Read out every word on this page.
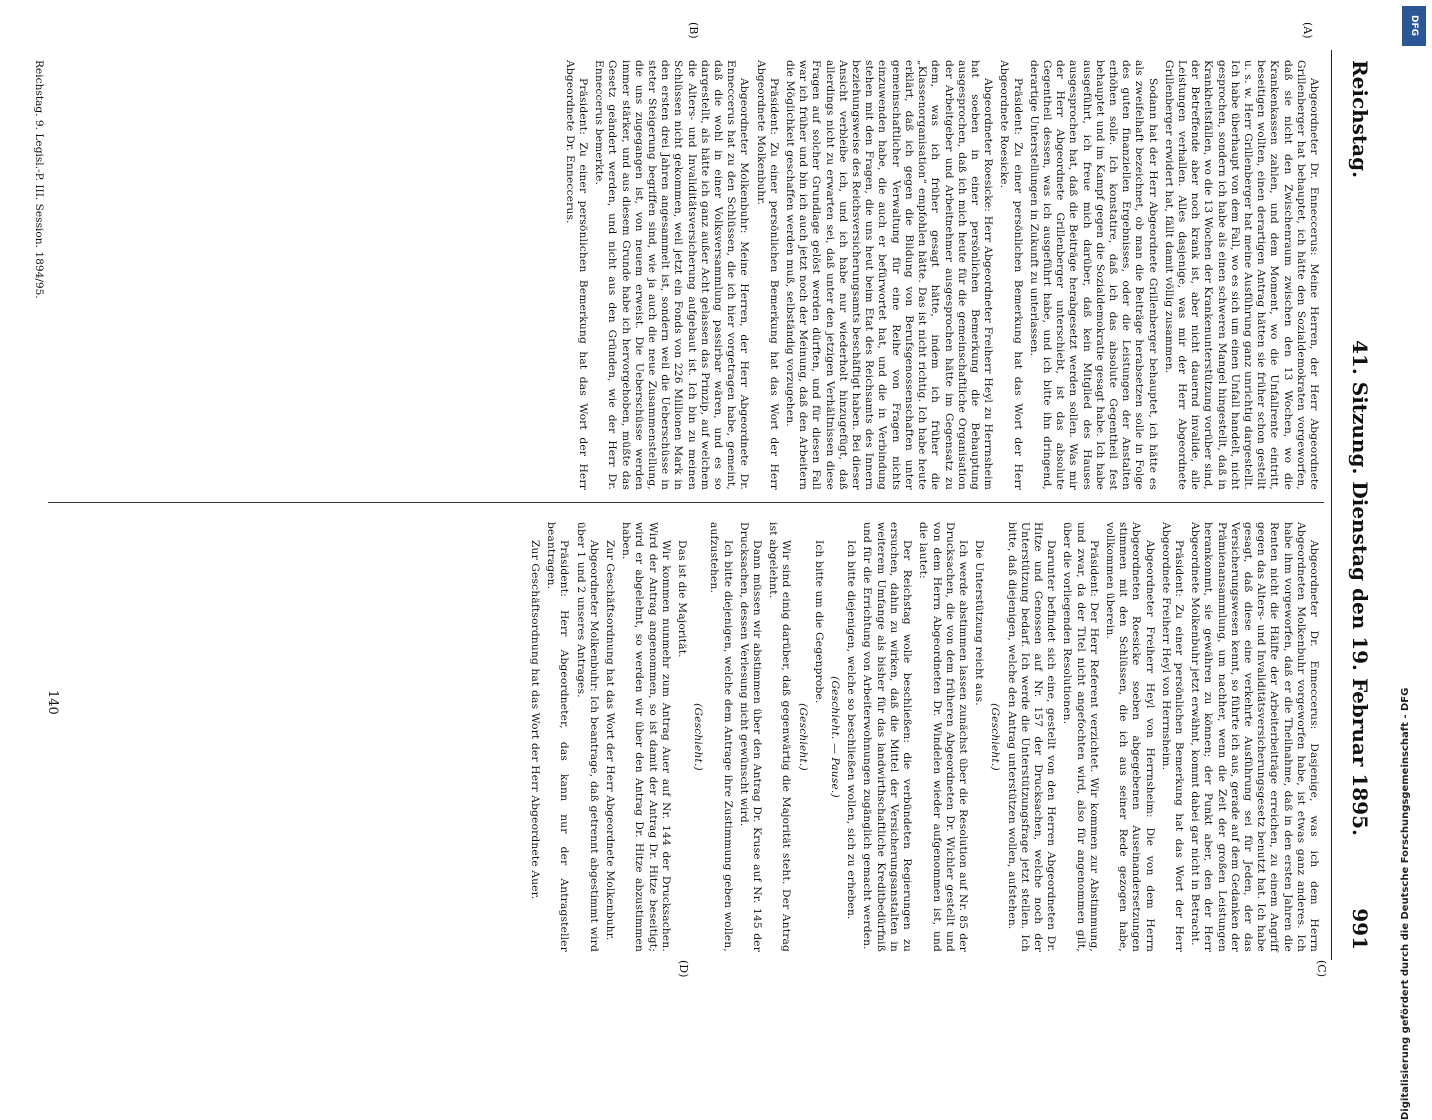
Reichstag.
41. Sitzung. Dienstag den 19. Februar 1895.
991
(A)
(B)
(C)
(D)

Abgeordneter Dr. Enneccerus: Meine Herren, der Herr Abgeordnete Grillenberger hat behauptet, ich hätte den Sozialdemokraten vorgeworfen, daß sie nicht den Zwischenraum zwischen den 13 Wochen, wo die Krankenkassen zahlen, und dem Moment, wo die Unfallrente eintritt, beseitigen wollten, einen derartigen Antrag hätten sie früher schon gestellt u. s. w. Herr Grillenberger hat meine Ausführung ganz unrichtig dargestellt. Ich habe überhaupt von dem Fall, wo es sich um einen Unfall handelt, nicht gesprochen, sondern ich habe als einen schweren Mangel hingestellt, daß in Krankheitsfällen, wo die 13 Wochen der Krankenunterstützung vorüber sind, der Betreffende aber noch krank ist, aber nicht dauernd invalide, alle Leistungen verhallen. Alles dasjenige, was mir der Herr Abgeordnete Grillenberger erwidert hat, fällt damit völlig zusammen.

Sodann hat der Herr Abgeordnete Grillenberger behauptet, ich hätte es als zweifelhaft bezeichnet, ob man die Beiträge herabsetzen solle in Folge des guten finanziellen Ergebnisses, oder die Leistungen der Anstalten erhöhen solle. Ich konstatire, daß ich das absolute Gegentheil fest behauptet und im Kampf gegen die Sozialdemokratie gesagt habe. Ich habe ausgeführt, ich freue mich darüber, daß kein Mitglied des Hauses ausgesprochen hat, daß die Beiträge herabgesetzt werden sollen. Was mir der Herr Abgeordnete Grillenberger unterschiebt, ist das absolute Gegentheil dessen, was ich ausgeführt habe, und ich bitte ihn dringend, derartige Unterstellungen in Zukunft zu unterlassen.

Präsident: Zu einer persönlichen Bemerkung hat das Wort der Herr Abgeordnete Roesicke.

Abgeordneter Roesicke: Herr Abgeordneter Freiherr Heyl zu Herrnsheim hat soeben in einer persönlichen Bemerkung die Behauptung ausgesprochen, daß ich mich heute für die gemeinschaftliche Organisation der Arbeitgeber und Arbeitnehmer ausgesprochen hätte im Gegensatz zu dem, was ich früher gesagt hätte, indem ich früher die „Klassenorganisation“ empfohlen hätte. Das ist nicht richtig. Ich habe heute erklärt, daß ich gegen die Bildung von Berufsgenossenschaften unter gemeinschaftlicher Verwaltung für eine Reihe von Fragen nichts einzuwenden habe, die auch er befürwortet hat, und die in Verbindung stehen mit den Fragen, die uns heut beim Etat des Reichsamts des Innern beziehungsweise des Reichsversicherungsamts beschäftigt haben. Bei dieser Ansicht verbleibe ich, und ich habe nur wiederholt hinzugefügt, daß allerdings nicht zu erwarten sei, daß unter den jetzigen Verhältnissen diese Fragen auf solcher Grundlage gelöst werden dürften, und für diesen Fall war ich früher und bin ich auch jetzt noch der Meinung, daß den Arbeitern die Möglichkeit geschaffen werden muß, selbständig vorzugehen.

Präsident: Zu einer persönlichen Bemerkung hat das Wort der Herr Abgeordnete Molkenbuhr.

Abgeordneter Molkenbuhr: Meine Herren, der Herr Abgeordnete Dr. Enneccerus hat zu den Schlüssen, die ich hier vorgetragen habe, gemeint, daß die wohl in einer Volksversammlung passirbar wären, und es so dargestellt, als hätte ich ganz außer Acht gelassen das Prinzip, auf welchem die Alters- und Invaliditätsversicherung aufgebaut ist. Ich bin zu meinen Schlüssen nicht gekommen, weil jetzt ein Fonds von 226 Millionen Mark in den ersten drei Jahren angesammelt ist, sondern weil die Ueberschüsse in steter Steigerung begriffen sind, wie ja auch die neue Zusammenstellung, die uns zugegangen ist, von neuem erweist. Die Ueberschüsse werden immer stärker, und aus diesem Grunde habe ich hervorgehoben, müßte das Gesetz geändert werden, und nicht aus den Gründen, wie der Herr Dr. Enneccerus bemerkte.

Präsident: Zu einer persönlichen Bemerkung hat das Wort der Herr Abgeordnete Dr. Enneccerus.

Abgeordneter Dr. Enneccerus: Dasjenige, was ich dem Herrn Abgeordneten Molkenbuhr vorgeworfen habe, ist etwas ganz anderes. Ich habe ihm vorgeworfen, daß er die Theilnahme, daß in den ersten Jahren die Renten nicht die Hälfte der Arbeiterbeiträge erreichen, zu einem Angriff gegen das Alters- und Invaliditätsversicherungsgesetz benutzt hat. Ich habe gesagt, daß diese eine verkehrte Ausführung sei für Jeden, der das Versicherungswesen kennt, so führte ich aus, gerade auf dem Gedanken der Prämienansammlung, um nachher, wenn die Zeit der großen Leistungen herankommt, sie gewähren zu können; der Punkt aber, den der Herr Abgeordnete Molkenbuhr jetzt erwähnt, kommt dabei gar nicht in Betracht.

Präsident: Zu einer persönlichen Bemerkung hat das Wort der Herr Abgeordnete Freiherr Heyl von Herrnsheim.

Abgeordneter Freiherr Heyl von Herrnsheim: Die von dem Herrn Abgeordneten Roesicke soeben abgegebenen Auseinandersetzungen stimmen mit den Schlüssen, die ich aus seiner Rede gezogen habe, vollkommen überein.

Präsident: Der Herr Referent verzichtet. Wir kommen zur Abstimmung, und zwar, da der Titel nicht angefochten wird, also für angenommen gilt, über die vorliegenden Resolutionen.

Darunter befindet sich eine, gestellt von den Herren Abgeordneten Dr. Hitze und Genossen auf Nr. 157 der Drucksachen, welche noch der Unterstützung bedarf. Ich werde die Unterstützungsfrage jetzt stellen. Ich bitte, daß diejenigen, welche den Antrag unterstützen wollen, aufstehen.

(Geschieht.)

Die Unterstützung reicht aus.

Ich werde abstimmen lassen zunächst über die Resolution auf Nr. 85 der Drucksachen, die von dem früheren Abgeordneten Dr. Wichler gestellt und von dem Herrn Abgeordneten Dr. Windelen wieder aufgenommen ist, und die lautet:

Der Reichstag wolle beschließen: die verbündeten Regierungen zu ersuchen, dahin zu wirken, daß die Mittel der Versicherungsanstalten in weiterem Umfange als bisher für das landwirthschaftliche Kreditbedürfniß und für die Errichtung von Arbeiterwohnungen zugänglich gemacht werden.

Ich bitte diejenigen, welche so beschließen wollen, sich zu erheben.

(Geschieht. — Pause.)

Ich bitte um die Gegenprobe.

(Geschieht.)

Wir sind einig darüber, daß gegenwärtig die Majorität steht. Der Antrag ist abgelehnt.

Dann müssen wir abstimmen über den Antrag Dr. Kruse auf Nr. 145 der Drucksachen, dessen Verlesung nicht gewünscht wird.

Ich bitte diejenigen, welche dem Antrage ihre Zustimmung geben wollen, aufzustehen.

(Geschieht.)

Das ist die Majorität.

Wir kommen nunmehr zum Antrag Auer auf Nr. 144 der Drucksachen. Wird der Antrag angenommen, so ist damit der Antrag Dr. Hitze beseitigt; wird er abgelehnt, so werden wir über den Antrag Dr. Hitze abzustimmen haben.

Zur Geschäftsordnung hat das Wort der Herr Abgeordnete Molkenbuhr.

Abgeordneter Molkenbuhr: Ich beantrage, daß getrennt abgestimmt wird über 1 und 2 unseres Antrages.

Präsident: Herr Abgeordneter, das kann nur der Antragsteller beantragen.

Zur Geschäftsordnung hat das Wort der Herr Abgeordnete Auer.

Reichstag. 9. Legisl.-P. III. Session. 1894/95.
140
DFG
Digitalisierung gefördert durch die Deutsche Forschungsgemeinschaft - DFG
